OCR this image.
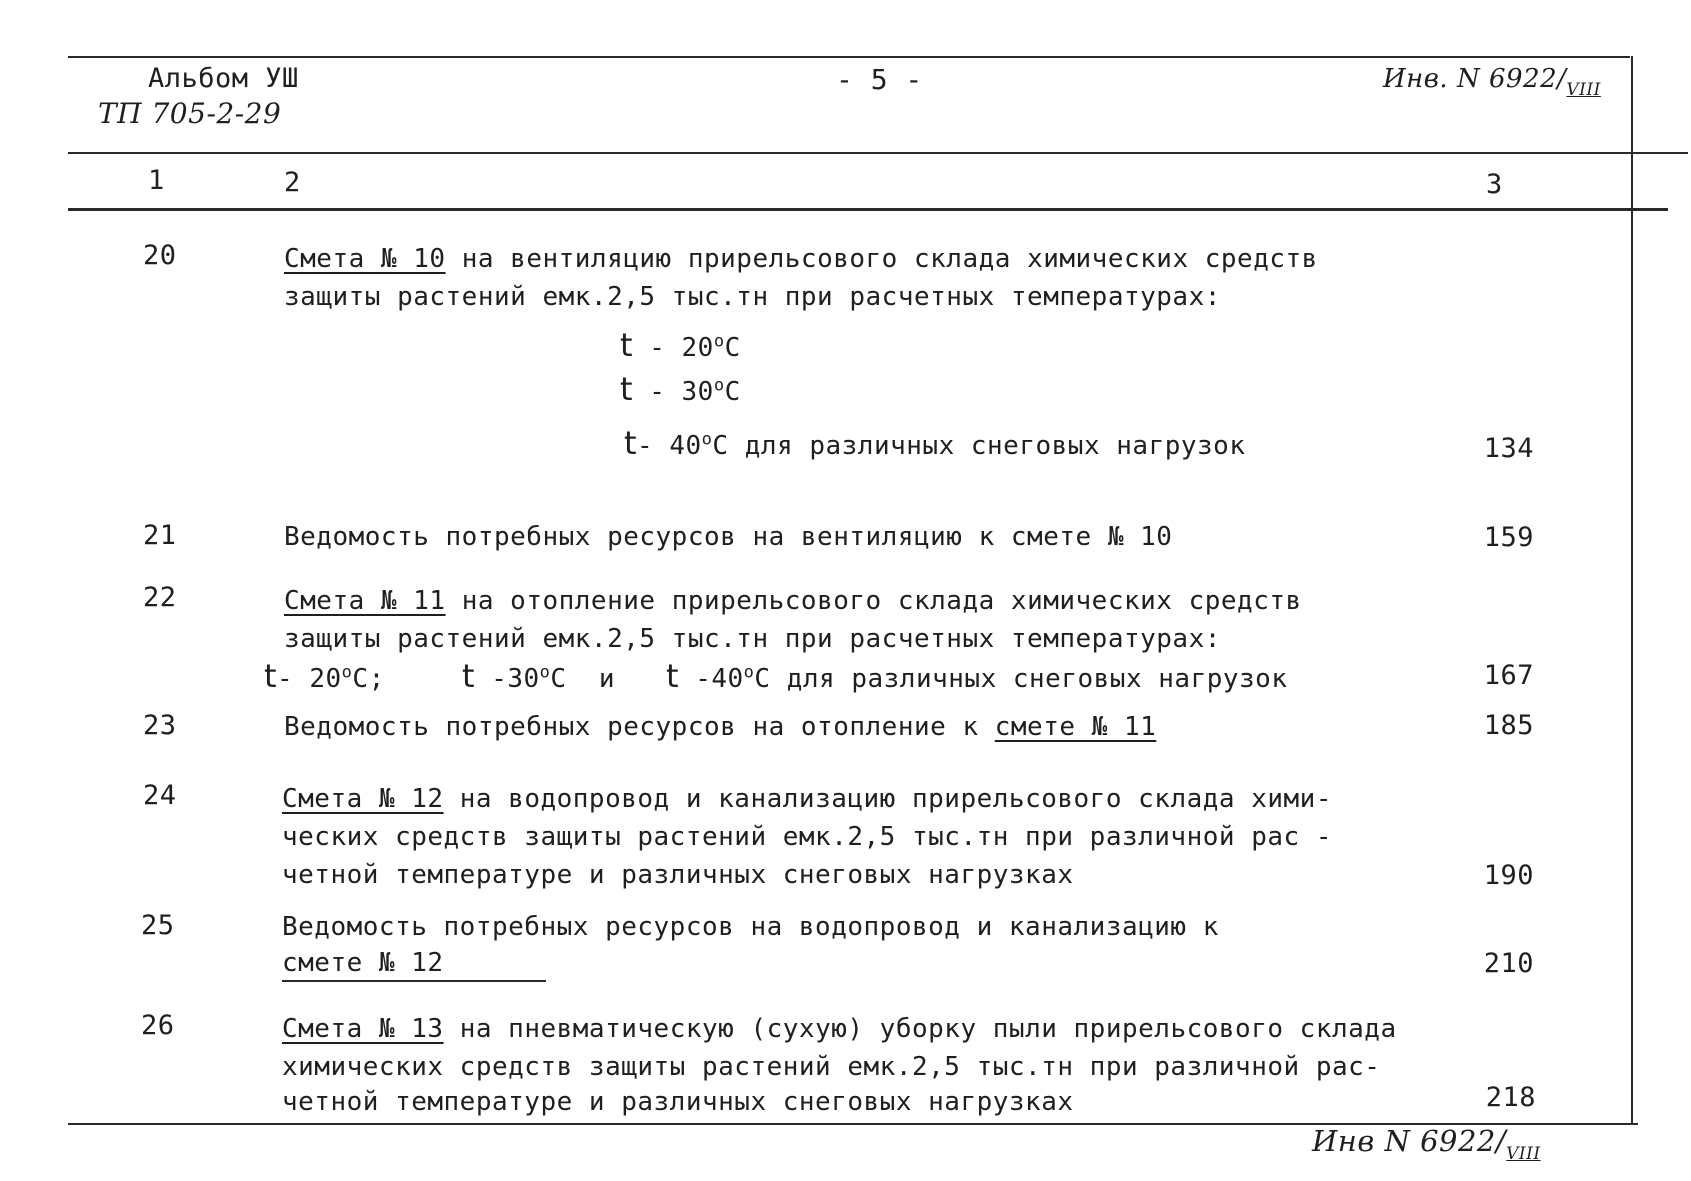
Альбом УШ
ТП 705-2-29
- 5 -	Инв. N $6922/_{VIII}$
1	2	3
20	Смета № 10 на вентиляцию прирельсового склада химических средств
защиты растений емк.2,5 тыс.тн при расчетных температурах:
t - 20$^o$C
t - 30$^o$C
t- 40$^o$C для различных снеговых нагрузок	134
21	Ведомость потребных ресурсов на вентиляцию к смете № 10	159
22	Смета № 11 на отопление прирельсового склада химических средств
защиты растений емк.2,5 тыс.тн при расчетных температурах:
t- 20$^o$C; t -30$^o$C  и t -40$^o$C для различных снеговых нагрузок	167
23	Ведомость потребных ресурсов на отопление к смете № 11	185
24	Смета № 12 на водопровод и канализацию прирельсового склада хими-
ческих средств защиты растений емк.2,5 тыс.тн при различной рас -
четной температуре и различных снеговых нагрузках	190
25	Ведомость потребных ресурсов на водопровод и канализацию к
смете № 12	210
26	Смета № 13 на пневматическую (сухую) уборку пыли прирельсового склада
химических средств защиты растений емк.2,5 тыс.тн при различной рас-
четной температуре и различных снеговых нагрузках	218
Инв N $6922/_{VIII}$
